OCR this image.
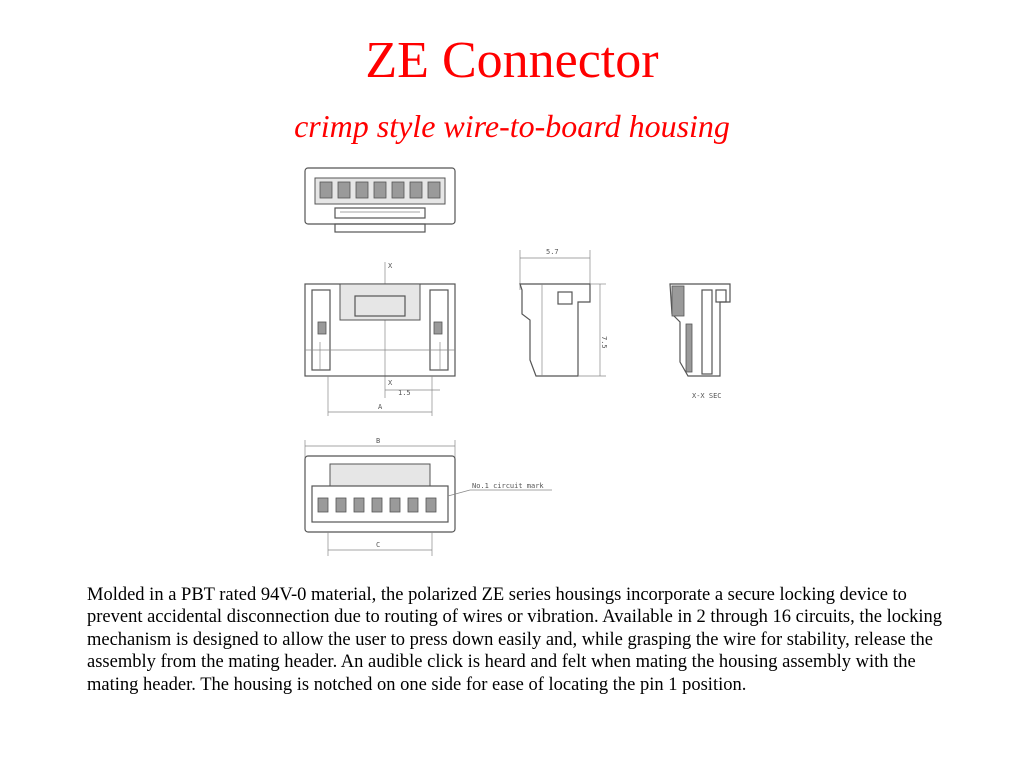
ZE Connector
crimp style wire-to-board housing
X
X
1.5
A
5.7
7.5
X-X SEC
B
No.1 circuit mark
C

Molded in a PBT rated 94V-0 material, the polarized ZE series housings incorporate a secure locking device to prevent accidental disconnection due to routing of wires or vibration. Available in 2 through 16 circuits, the locking mechanism is designed to allow the user to press down easily and, while grasping the wire for stability, release the assembly from the mating header. An audible click is heard and felt when mating the housing assembly with the mating header. The housing is notched on one side for ease of locating the pin 1 position.
